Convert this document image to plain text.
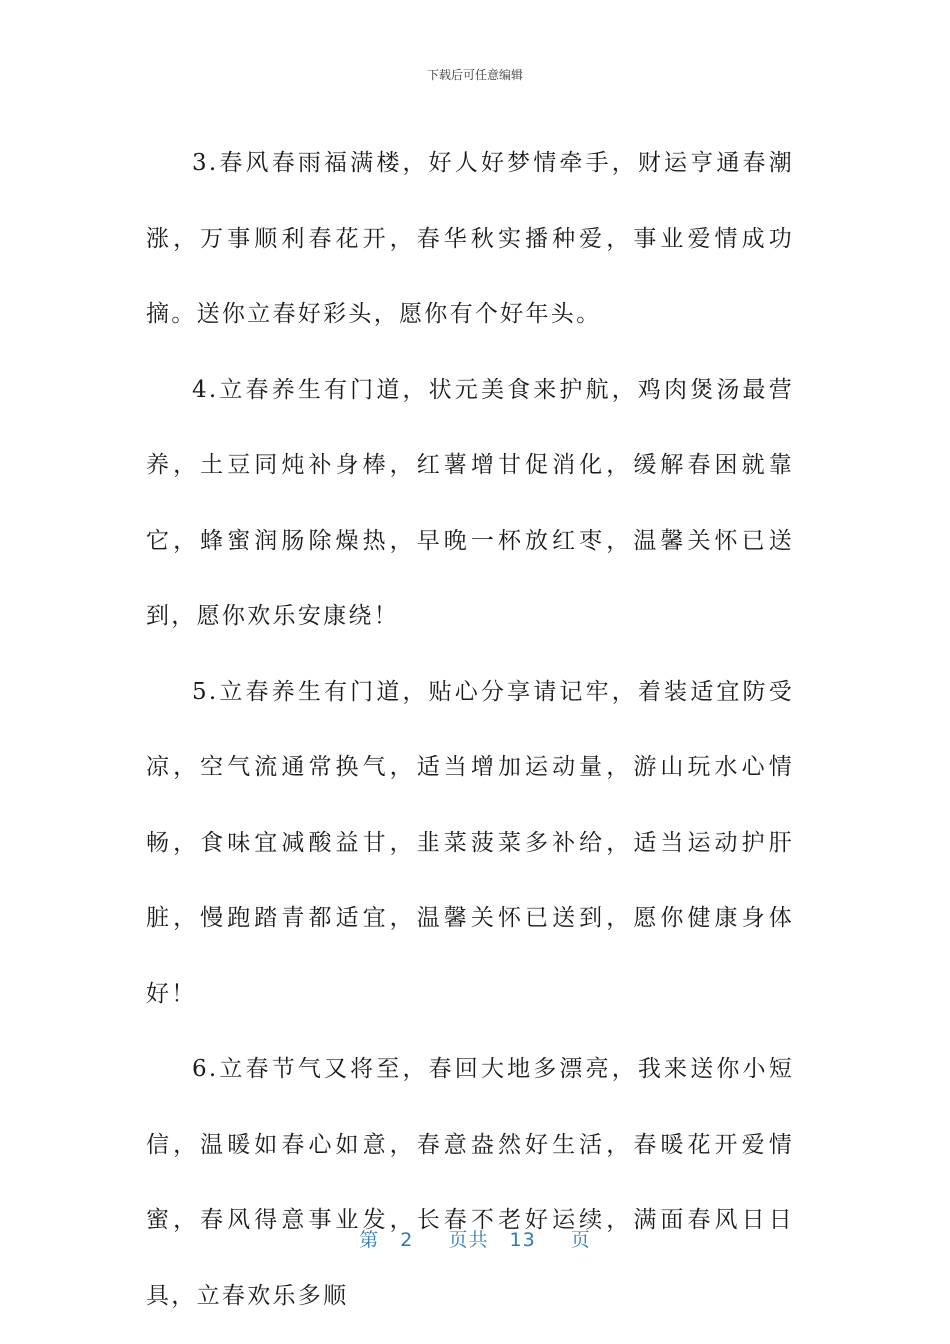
下载后可任意编辑

3.春风春雨福满楼，好人好梦情牵手，财运亨通春潮涨，万事顺利春花开，春华秋实播种爱，事业爱情成功摘。送你立春好彩头，愿你有个好年头。

4.立春养生有门道，状元美食来护航，鸡肉煲汤最营养，土豆同炖补身棒，红薯增甘促消化，缓解春困就靠它，蜂蜜润肠除燥热，早晚一杯放红枣，温馨关怀已送到，愿你欢乐安康绕！

5.立春养生有门道，贴心分享请记牢，着装适宜防受凉，空气流通常换气，适当增加运动量，游山玩水心情畅，食味宜减酸益甘，韭菜菠菜多补给，适当运动护肝脏，慢跑踏青都适宜，温馨关怀已送到，愿你健康身体好！

6.立春节气又将至，春回大地多漂亮，我来送你小短信，温暖如春心如意，春意盎然好生活，春暖花开爱情蜜，春风得意事业发，长春不老好运续，满面春风日日具，立春欢乐多顺

第 2 页共 13 页
